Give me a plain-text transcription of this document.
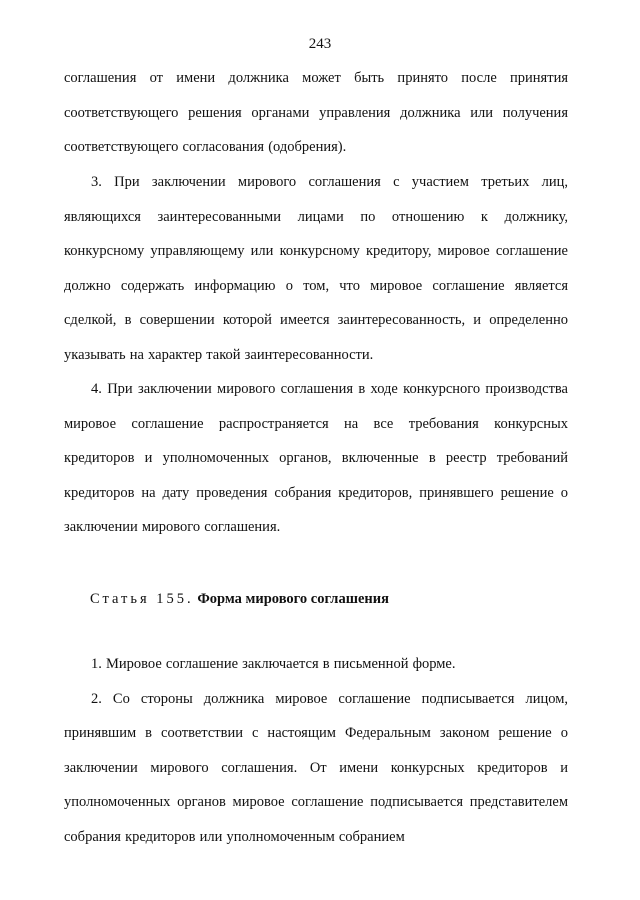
243

соглашения от имени должника может быть принято после принятия соответствующего решения органами управления должника или получения соответствующего согласования (одобрения).

3. При заключении мирового соглашения с участием третьих лиц, являющихся заинтересованными лицами по отношению к должнику, конкурсному управляющему или конкурсному кредитору, мировое соглашение должно содержать информацию о том, что мировое соглашение является сделкой, в совершении которой имеется заинтересованность, и определенно указывать на характер такой заинтересованности.

4. При заключении мирового соглашения в ходе конкурсного производства мировое соглашение распространяется на все требования конкурсных кредиторов и уполномоченных органов, включенные в реестр требований кредиторов на дату проведения собрания кредиторов, принявшего решение о заключении мирового соглашения.

Статья 155. Форма мирового соглашения

1. Мировое соглашение заключается в письменной форме.

2. Со стороны должника мировое соглашение подписывается лицом, принявшим в соответствии с настоящим Федеральным законом решение о заключении мирового соглашения. От имени конкурсных кредиторов и уполномоченных органов мировое соглашение подписывается представителем собрания кредиторов или уполномоченным собранием
